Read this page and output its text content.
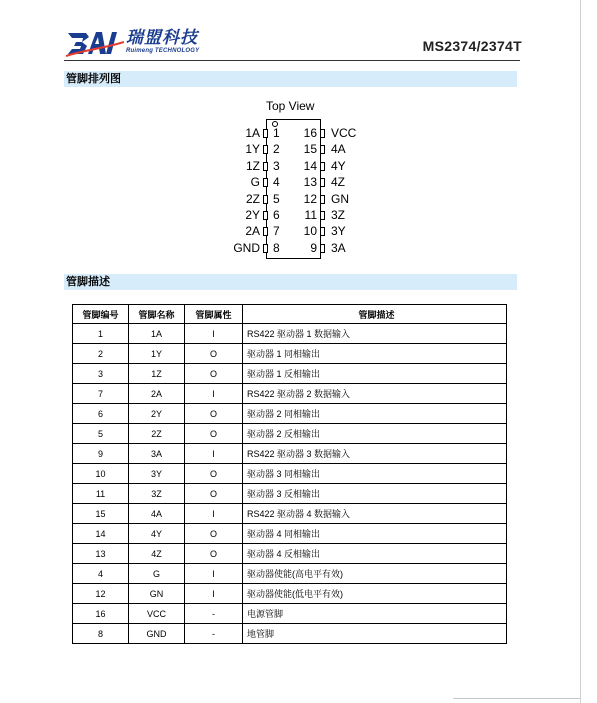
瑞盟科技
Ruimeng TECHNOLOGY	MS2374/2374T
管脚排列图
Top View
1A 1
1Y 2
1Z 3
G 4
2Z 5
2Y 6
2A 7
GND 8
16 VCC
15 4A
14 4Y
13 4Z
12 GN
11 3Z
10 3Y
9 3A
管脚描述
管脚编号	管脚名称	管脚属性	管脚描述
1	1A	I	RS422 驱动器 1 数据输入
2	1Y	O	驱动器 1 同相输出
3	1Z	O	驱动器 1 反相输出
7	2A	I	RS422 驱动器 2 数据输入
6	2Y	O	驱动器 2 同相输出
5	2Z	O	驱动器 2 反相输出
9	3A	I	RS422 驱动器 3 数据输入
10	3Y	O	驱动器 3 同相输出
11	3Z	O	驱动器 3 反相输出
15	4A	I	RS422 驱动器 4 数据输入
14	4Y	O	驱动器 4 同相输出
13	4Z	O	驱动器 4 反相输出
4	G	I	驱动器使能(高电平有效)
12	GN	I	驱动器使能(低电平有效)
16	VCC	-	电源管脚
8	GND	-	地管脚
